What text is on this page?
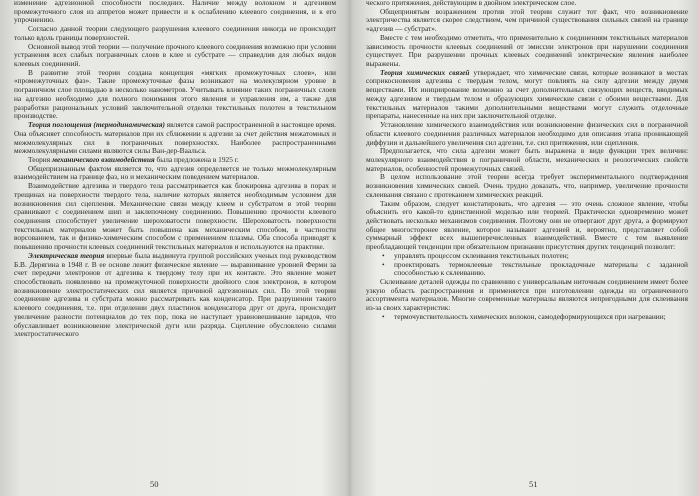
изменение адгезионной способности последних. Наличие между волокном и адгезивом промежуточного слоя из аппретов может привести и к ослаблению клеевого соединения, и к его упрочнению.

Согласно данной теории следующего разрушения клеевого соединения никогда не происходит только вдоль границы поверхностей.

Основной вывод этой теории — получение прочного клеевого соединения возможно при условии устранения всех слабых пограничных слоев в клее и субстрате — справедлив для любых видов клеевых соединений.

В развитие этой теории создана концепция «мягких промежуточных слоев», или «промежуточных фаз». Такие промежуточные фазы возникают на молекулярном уровне в пограничном слое площадью в несколько нанометров. Учитывать влияние таких пограничных слоев на адгезию необходимо для полного понимания этого явления и управления им, а также для разработки рациональных условий заключительной отделки текстильных полотен в текстильном производстве.

Теория поглощения (термодинамическая) является самой распространенной в настоящее время. Она объясняет способность материалов при их сближении к адгезии за счет действия межатомных и межмолекулярных сил в пограничных поверхностях. Наиболее распространенными межмолекулярными силами являются силы Ван-дер-Ваальса.

Теория механического взаимодействия была предложена в 1925 г.

Общепризнанным фактом является то, что адгезия определяется не только межмолекулярным взаимодействием на границе фаз, но и механическим поведением материалов.

Взаимодействие адгезива и твердого тела рассматривается как блокировка адгезива в порах и трещинах на поверхности твердого тела, наличие которых является необходимым условием для возникновения сил сцепления. Механические связи между клеем и субстратом в этой теории сравнивают с соединением шип и заклепочному соединению. Повышению прочности клеевого соединения способствует увеличение шероховатости поверхности. Шероховатость поверхности текстильных материалов может быть повышена как механическим способом, в частности ворсованием, так и физико-химическим способом с применением плазмы. Оба способа приводят к повышению прочности клеевых соединений текстильных материалов и используются на практике.

Электрическая теория впервые была выдвинута группой российских ученых под руководством Б.В. Дерягина в 1948 г. В ее основе лежит физическое явление — выравнивание уровней Ферми за счет передачи электронов от адгезива к твердому телу при их контакте. Это явление может способствовать появлению на промежуточной поверхности двойного слоя электронов, в котором возникновение электростатических сил является причиной адгезионных сил. По этой теории соединение адгезива и субстрата можно рассматривать как конденсатор. При разрушении такого клеевого соединения, т.е. при отделении двух пластинок конденсатора друг от друга, происходит увеличение разности потенциалов до тех пор, пока не наступает уравновешивание зарядов, что обуславливает возникновение электрической дуги или разряда. Сцепление обусловлено силами электростатического

ческого притяжения, действующим в двойном электрическом слое.

Общепринятым возражением против этой теории служит тот факт, что возникновение электричества является скорее следствием, чем причиной существования сильных связей на границе «адгезив — субстрат».

Вместе с тем необходимо отметить, что применительно к соединениям текстильных материалов зависимость прочности клеевых соединений от эмиссии электронов при нарушении соединения существует. При разрушении прочных клеевых соединений электрические явления наиболее выражены.

Теория химических связей утверждает, что химические связи, которые возникают в местах соприкосновения адгезива с твердым телом, могут повлиять на силу адгезии между двумя веществами. Их инициирование возможно за счет дополнительных связующих веществ, вводимых между адгезивом и твердым телом и образующих химические связи с обоими веществами. Для текстильных материалов такими дополнительными веществами могут служить отделочные препараты, нанесенные на них при заключительной отделке.

Установление химического взаимодействия или возникновение физических сил в пограничной области клеевого соединения различных материалов необходимо для описания этапа проникающей диффузии и дальнейшего увеличения сил адгезии, т.е. сил притяжения, или сцепления.

Предполагается, что сила адгезии может быть выражена в виде функции трех величин: молекулярного взаимодействия в пограничной области, механических и реологических свойств материалов, особенностей промежуточных связей.

В целом использование этой теории всегда требует экспериментального подтверждения возникновения химических связей. Очень трудно доказать, что, например, увеличение прочности склеивания связано с протеканием химических реакций.

Таким образом, следует констатировать, что адгезия — это очень сложное явление, чтобы объяснить его какой-то единственной моделью или теорией. Практически одновременно может действовать несколько механизмов соединения. Поэтому они не отвергают друг друга, а формируют общее многосторонее явление, которое называют адгезией и, вероятно, представляет собой суммарный эффект всех вышеперечисленных взаимодействий. Вместе с тем выявление преобладающей тенденции при обязательном признании присутствия других тенденций позволит:

• управлять процессом склеивания текстильных полотен;
• проектировать термоклеевые текстильные прокладочные материалы с заданной способностью к склеиванию.

Склеивание деталей одежды по сравнению с универсальным ниточным соединением имеет более узкую область распространения и применяется при изготовлении одежды из ограниченного ассортимента материалов. Многие современные материалы являются непригодными для склеивания из-за своих характеристик:

• термочувствительность химических волокон, самодеформирующихся при нагревании;
50	51
